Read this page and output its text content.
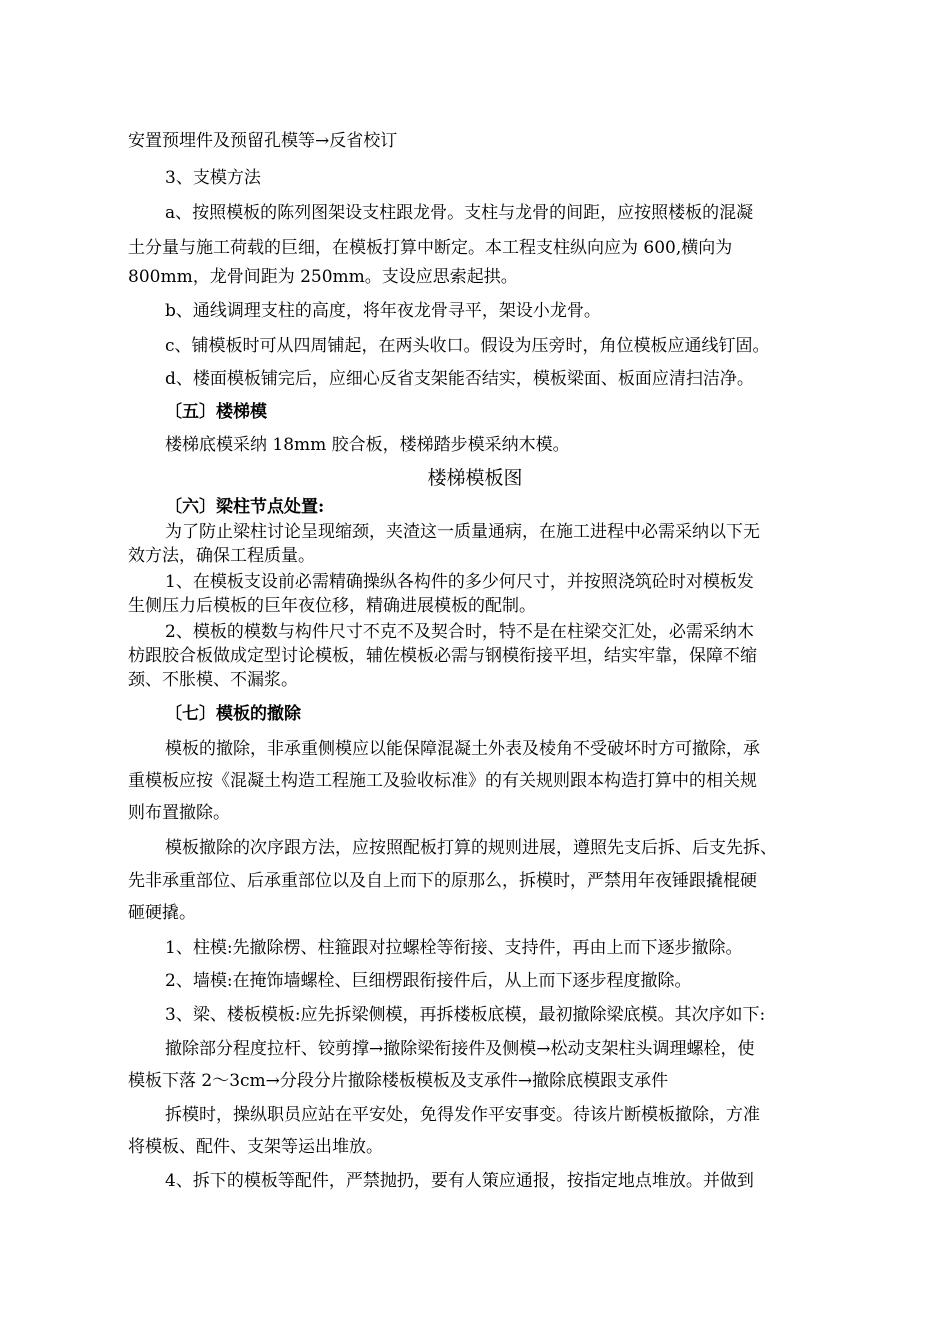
安置预埋件及预留孔模等→反省校订
3、支模方法
a、按照模板的陈列图架设支柱跟龙骨。支柱与龙骨的间距，应按照楼板的混凝
土分量与施工荷载的巨细，在模板打算中断定。本工程支柱纵向应为 600,横向为
800mm，龙骨间距为 250mm。支设应思索起拱。
b、通线调理支柱的高度，将年夜龙骨寻平，架设小龙骨。
c、铺模板时可从四周铺起，在两头收口。假设为压旁时，角位模板应通线钉固。
d、楼面模板铺完后，应细心反省支架能否结实，模板梁面、板面应清扫洁净。
〔五〕楼梯模
楼梯底模采纳 18mm 胶合板，楼梯踏步模采纳木模。
楼梯模板图
〔六〕梁柱节点处置:
为了防止梁柱讨论呈现缩颈，夹渣这一质量通病，在施工进程中必需采纳以下无
效方法，确保工程质量。
1、在模板支设前必需精确操纵各构件的多少何尺寸，并按照浇筑砼时对模板发
生侧压力后模板的巨年夜位移，精确进展模板的配制。
2、模板的模数与构件尺寸不克不及契合时，特不是在柱梁交汇处，必需采纳木
枋跟胶合板做成定型讨论模板，辅佐模板必需与钢模衔接平坦，结实牢靠，保障不缩
颈、不胀模、不漏浆。
〔七〕模板的撤除
模板的撤除，非承重侧模应以能保障混凝土外表及棱角不受破坏时方可撤除，承
重模板应按《混凝土构造工程施工及验收标准》的有关规则跟本构造打算中的相关规
则布置撤除。
模板撤除的次序跟方法，应按照配板打算的规则进展，遵照先支后拆、后支先拆、
先非承重部位、后承重部位以及自上而下的原那么，拆模时，严禁用年夜锤跟撬棍硬
砸硬撬。
1、柱模:先撤除楞、柱箍跟对拉螺栓等衔接、支持件，再由上而下逐步撤除。
2、墙模:在掩饰墙螺栓、巨细楞跟衔接件后，从上而下逐步程度撤除。
3、梁、楼板模板:应先拆梁侧模，再拆楼板底模，最初撤除梁底模。其次序如下:
撤除部分程度拉杆、铰剪撑→撤除梁衔接件及侧模→松动支架柱头调理螺栓，使
模板下落 2～3cm→分段分片撤除楼板模板及支承件→撤除底模跟支承件
拆模时，操纵职员应站在平安处，免得发作平安事变。待该片断模板撤除，方准
将模板、配件、支架等运出堆放。
4、拆下的模板等配件，严禁抛扔，要有人策应通报，按指定地点堆放。并做到
